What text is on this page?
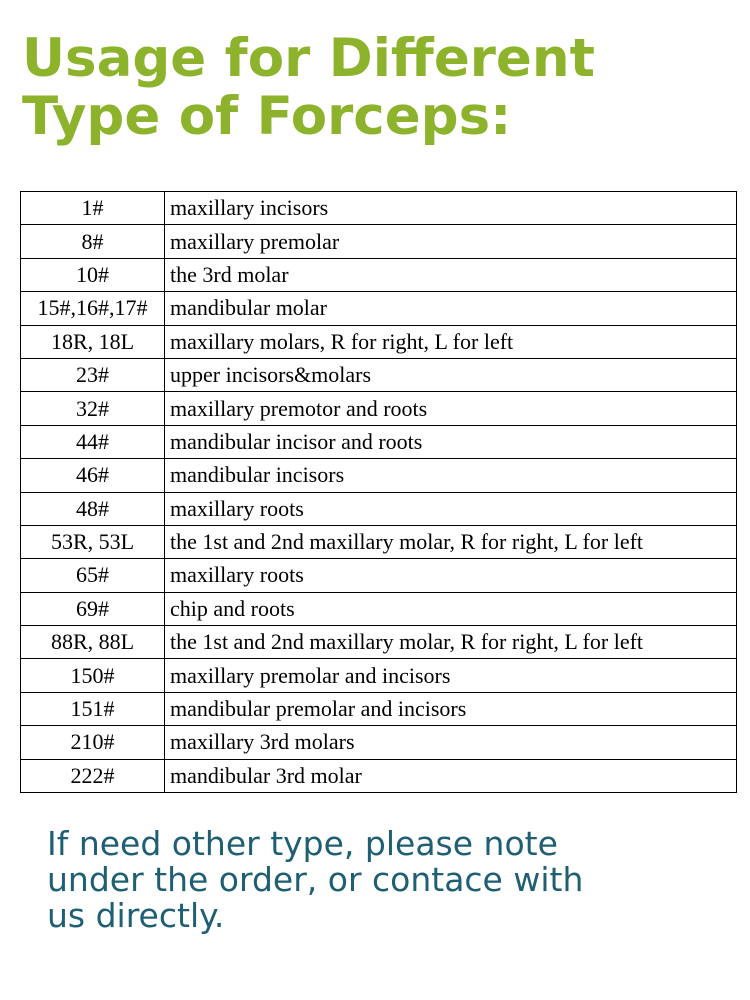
Usage for Different
Type of Forceps:
1#	maxillary incisors
8#	maxillary premolar
10#	the 3rd molar
15#,16#,17#	mandibular molar
18R, 18L	maxillary molars, R for right, L for left
23#	upper incisors&molars
32#	maxillary premotor and roots
44#	mandibular incisor and roots
46#	mandibular incisors
48#	maxillary roots
53R, 53L	the 1st and 2nd maxillary molar, R for right, L for left
65#	maxillary roots
69#	chip and roots
88R, 88L	the 1st and 2nd maxillary molar, R for right, L for left
150#	maxillary premolar and incisors
151#	mandibular premolar and incisors
210#	maxillary 3rd molars
222#	mandibular 3rd molar

If need other type, please note
under the order, or contace with
us directly.
